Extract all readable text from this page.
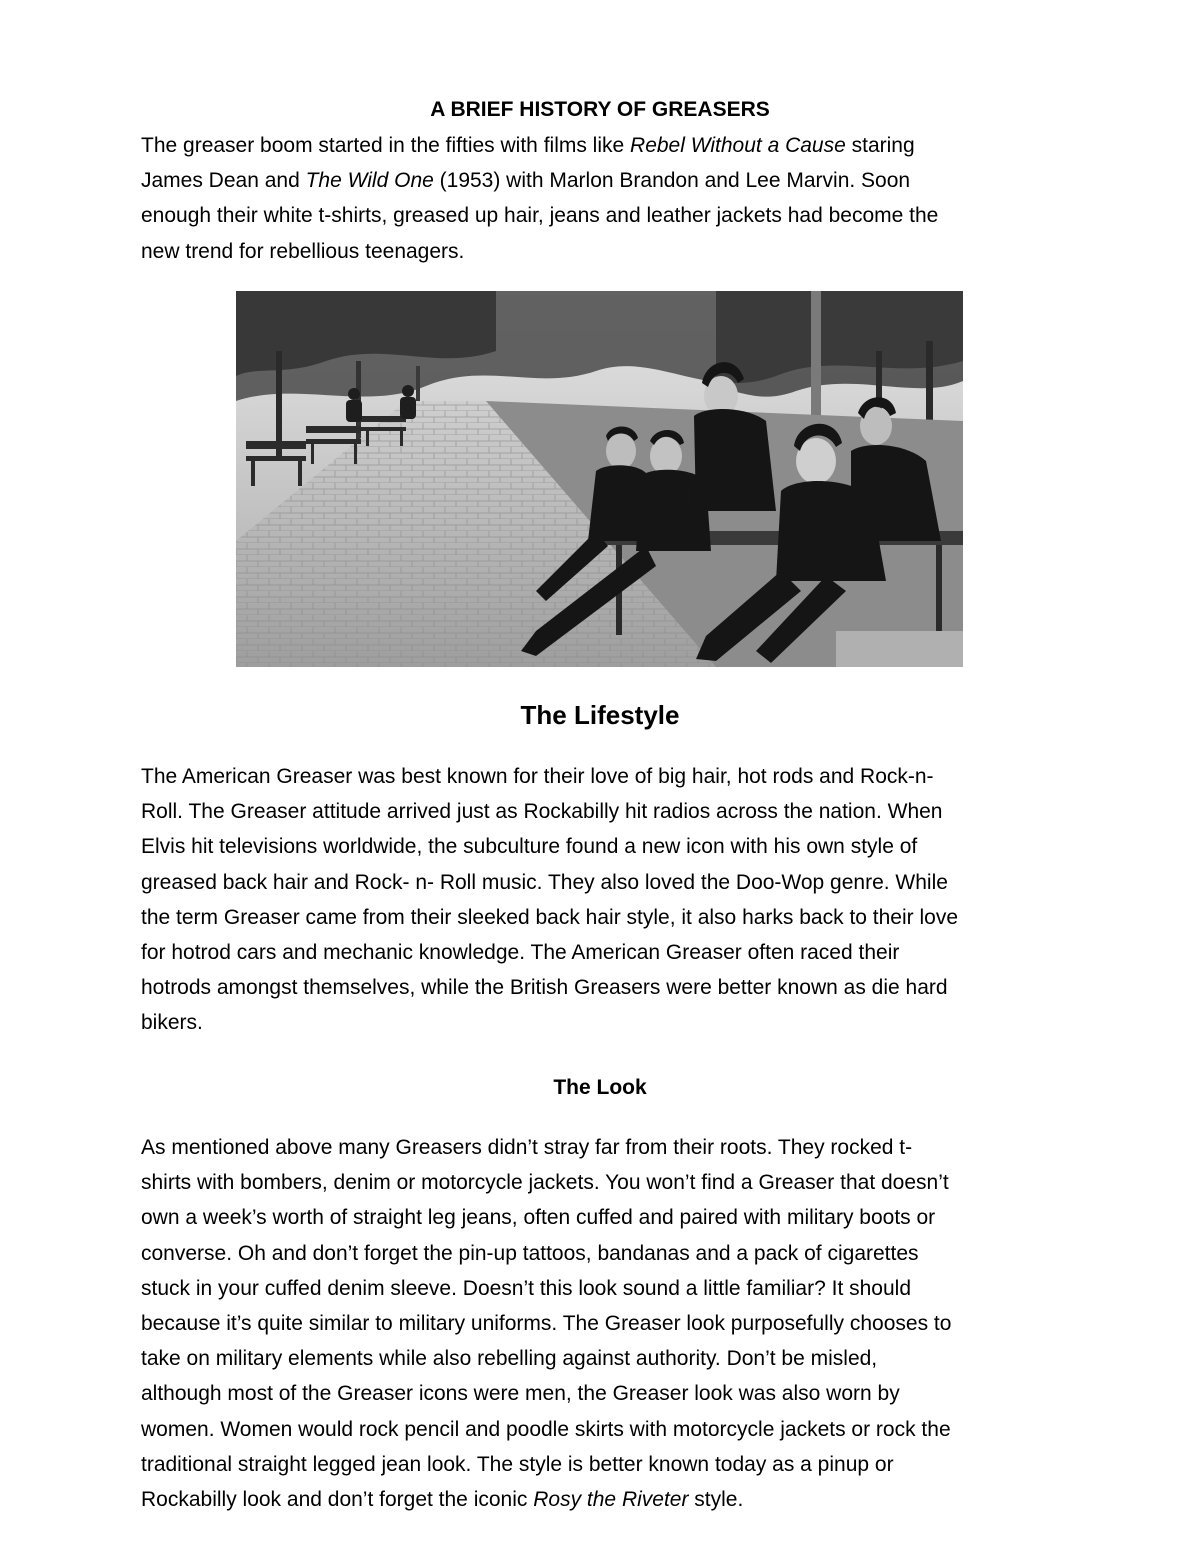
A BRIEF HISTORY OF GREASERS

The greaser boom started in the fifties with films like Rebel Without a Cause staring
James Dean and The Wild One (1953) with Marlon Brandon and Lee Marvin. Soon
enough their white t-shirts, greased up hair, jeans and leather jackets had become the
new trend for rebellious teenagers.

The Lifestyle

The American Greaser was best known for their love of big hair, hot rods and Rock-n-
Roll. The Greaser attitude arrived just as Rockabilly hit radios across the nation. When
Elvis hit televisions worldwide, the subculture found a new icon with his own style of
greased back hair and Rock- n- Roll music. They also loved the Doo-Wop genre. While
the term Greaser came from their sleeked back hair style, it also harks back to their love
for hotrod cars and mechanic knowledge. The American Greaser often raced their
hotrods amongst themselves, while the British Greasers were better known as die hard
bikers.

The Look

As mentioned above many Greasers didn’t stray far from their roots. They rocked t-
shirts with bombers, denim or motorcycle jackets. You won’t find a Greaser that doesn’t
own a week’s worth of straight leg jeans, often cuffed and paired with military boots or
converse. Oh and don’t forget the pin-up tattoos, bandanas and a pack of cigarettes
stuck in your cuffed denim sleeve. Doesn’t this look sound a little familiar? It should
because it’s quite similar to military uniforms. The Greaser look purposefully chooses to
take on military elements while also rebelling against authority. Don’t be misled,
although most of the Greaser icons were men, the Greaser look was also worn by
women. Women would rock pencil and poodle skirts with motorcycle jackets or rock the
traditional straight legged jean look. The style is better known today as a pinup or
Rockabilly look and don’t forget the iconic Rosy the Riveter style.
